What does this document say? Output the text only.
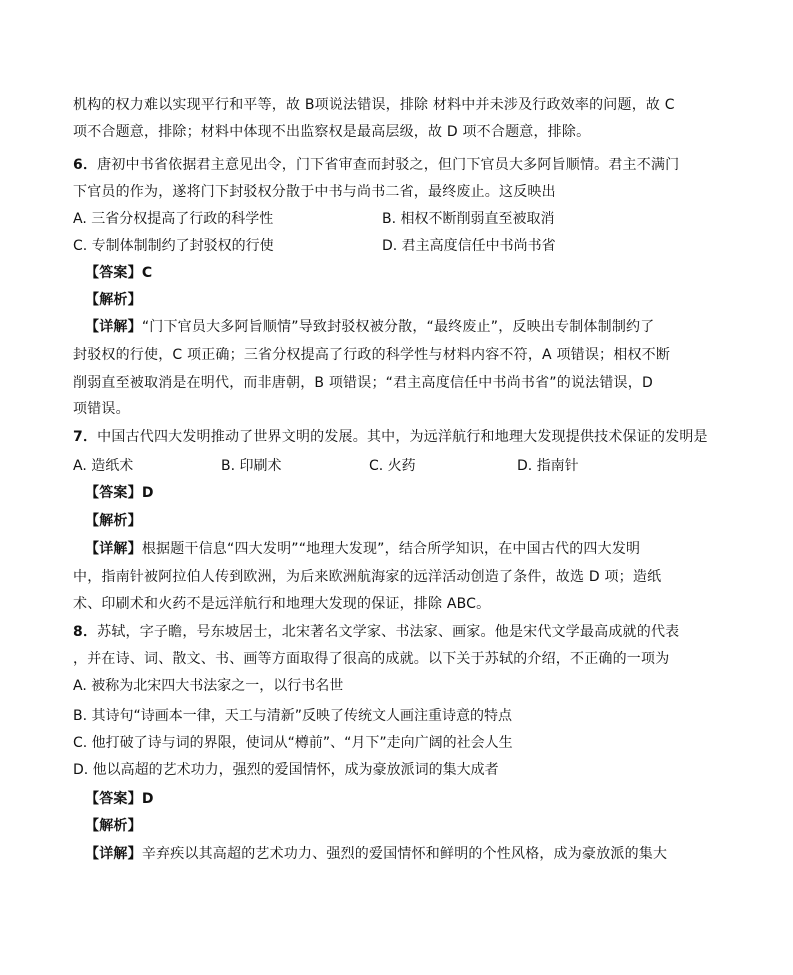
机构的权力难以实现平行和平等，故 B项说法错误，排除 材料中并未涉及行政效率的问题，故 C
项不合题意，排除；材料中体现不出监察权是最高层级，故 D 项不合题意，排除。
6．唐初中书省依据君主意见出令，门下省审查而封驳之，但门下官员大多阿旨顺情。君主不满门
下官员的作为，遂将门下封驳权分散于中书与尚书二省，最终废止。这反映出
A. 三省分权提高了行政的科学性	B. 相权不断削弱直至被取消
C. 专制体制制约了封驳权的行使	D. 君主高度信任中书尚书省
【答案】C
【解析】
【详解】“门下官员大多阿旨顺情”导致封驳权被分散，“最终废止”，反映出专制体制制约了
封驳权的行使，C 项正确；三省分权提高了行政的科学性与材料内容不符，A 项错误；相权不断
削弱直至被取消是在明代，而非唐朝，B 项错误；“君主高度信任中书尚书省”的说法错误，D
项错误。
7．中国古代四大发明推动了世界文明的发展。其中，为远洋航行和地理大发现提供技术保证的发明是
A. 造纸术	B. 印刷术	C. 火药	D. 指南针
【答案】D
【解析】
【详解】根据题干信息“四大发明”“地理大发现”，结合所学知识，在中国古代的四大发明
中，指南针被阿拉伯人传到欧洲，为后来欧洲航海家的远洋活动创造了条件，故选 D 项；造纸
术、印刷术和火药不是远洋航行和地理大发现的保证，排除 ABC。
8．苏轼，字子瞻，号东坡居士，北宋著名文学家、书法家、画家。他是宋代文学最高成就的代表
，并在诗、词、散文、书、画等方面取得了很高的成就。以下关于苏轼的介绍，不正确的一项为
A. 被称为北宋四大书法家之一，以行书名世
B. 其诗句“诗画本一律，天工与清新”反映了传统文人画注重诗意的特点
C. 他打破了诗与词的界限，使词从“樽前”、“月下”走向广阔的社会人生
D. 他以高超的艺术功力，强烈的爱国情怀，成为豪放派词的集大成者
【答案】D
【解析】
【详解】辛弃疾以其高超的艺术功力、强烈的爱国情怀和鲜明的个性风格，成为豪放派的集大
